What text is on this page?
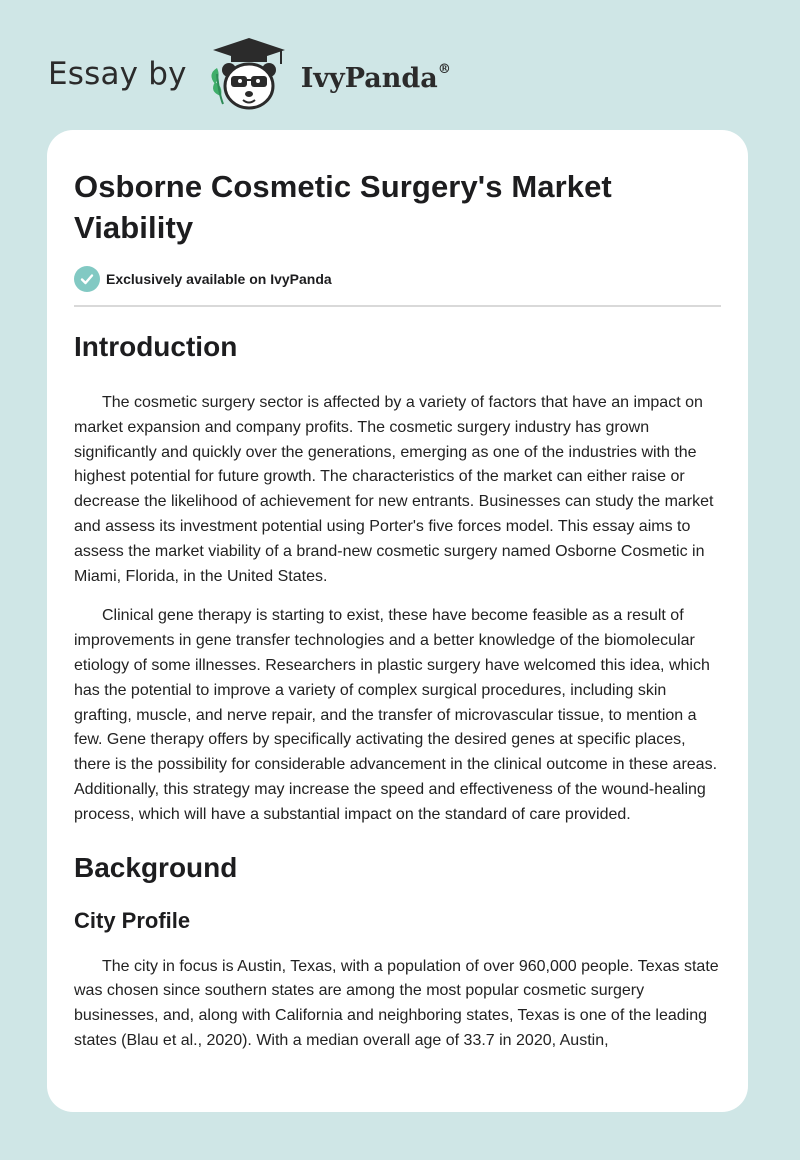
Essay by	IvyPanda®
Osborne Cosmetic Surgery's Market Viability
Exclusively available on IvyPanda
Introduction

The cosmetic surgery sector is affected by a variety of factors that have an impact on market expansion and company profits. The cosmetic surgery industry has grown significantly and quickly over the generations, emerging as one of the industries with the highest potential for future growth. The characteristics of the market can either raise or decrease the likelihood of achievement for new entrants. Businesses can study the market and assess its investment potential using Porter's five forces model. This essay aims to assess the market viability of a brand-new cosmetic surgery named Osborne Cosmetic in Miami, Florida, in the United States.

Clinical gene therapy is starting to exist, these have become feasible as a result of improvements in gene transfer technologies and a better knowledge of the biomolecular etiology of some illnesses. Researchers in plastic surgery have welcomed this idea, which has the potential to improve a variety of complex surgical procedures, including skin grafting, muscle, and nerve repair, and the transfer of microvascular tissue, to mention a few. Gene therapy offers by specifically activating the desired genes at specific places, there is the possibility for considerable advancement in the clinical outcome in these areas. Additionally, this strategy may increase the speed and effectiveness of the wound-healing process, which will have a substantial impact on the standard of care provided.

Background
City Profile

The city in focus is Austin, Texas, with a population of over 960,000 people. Texas state was chosen since southern states are among the most popular cosmetic surgery businesses, and, along with California and neighboring states, Texas is one of the leading states (Blau et al., 2020). With a median overall age of 33.7 in 2020, Austin,
